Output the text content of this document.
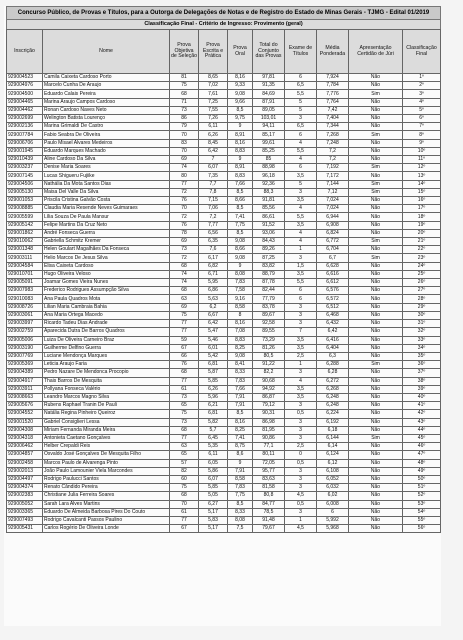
Concurso Público, de Provas e Títulos, para a Outorga de Delegações de Notas e de Registro do Estado de Minas Gerais - TJMG - Edital 01/2019
Classificação Final - Critério de Ingresso: Provimento (geral)
Inscrição	Nome	Prova Objetiva de Seleção	Prova Escrita e Prática	Prova Oral	Total do Conjunto das Provas	Exame de Títulos	Média Ponderada	Apresentação Certidão de Júri	Classificação Final
929004523	Camila Caixeta Cardoso Porto	81	8,65	8,16	97,81	6	7,924	Não	1º
929004976	Marcelo Cunha De Araujo	75	7,02	9,33	91,35	6,5	7,784	Não	2º
929004500	Eduardo Calais Pereira	68	7,61	9,08	84,69	5,5	7,776	Sim	3º
929004465	Marina Araujo Campos Cardoso	71	7,25	9,66	87,91	5	7,764	Não	4º
929004462	Ronan Cardoso Naves Neto	73	7,55	8,5	89,05	5	7,42	Não	5º
929002699	Welington Batista Lourenço	86	7,26	9,75	103,01	3	7,404	Não	6º
929002136	Marina Grimaldi De Castro	79	6,11	9	94,11	6,5	7,344	Não	7º
929007784	Fabio Seabra De Oliveira	70	6,26	8,91	85,17	6	7,268	Sim	8º
929006706	Paulo Misael Alvares Medeiros	83	8,45	8,16	99,61	4	7,248	Não	9º
929001945	Eduardo Marques Machado	70	6,42	8,83	85,25	5,5	7,2	Não	10º
929010439	Aline Cardoso Da Silva	69	7	9	85	4	7,2	Não	11º
929003237	Denise Maria Soares	74	6,07	8,91	88,98	6	7,192	Sim	12º
929007145	Lucas Shigueru Fujiike	80	7,35	8,83	96,18	3,5	7,172	Não	13º
929004506	Nathália Da Mota Santos Dias	77	7,7	7,66	92,36	5	7,144	Sim	14º
929005130	Maisa Del Valle Da Silva	72	7,8	8,5	88,3	3	7,12	Sim	15º
929001053	Priscila Cristina Galvão Costa	76	7,15	8,66	91,81	3,5	7,024	Não	16º
929008885	Claudia Maria Resende Neves Guimaraes	70	7,06	8,5	85,56	4	7,024	Não	17º
929005599	Lília Souza De Paula Mansur	72	7,2	7,41	86,61	5,5	6,944	Não	18º
929005142	Felipe Martins Da Cruz Neto	76	7,77	7,75	91,52	3,5	6,908	Não	19º
929001862	André Fonseca Guerra	78	6,56	8,5	93,06	4	6,824	Não	20º
929010062	Gabriella Schmitz Kremer	69	6,35	9,08	84,43	4	6,772	Sim	21º
929001348	Helen Goulart Magalhães Da Fonseca	73	7,6	8,66	89,26	1	6,704	Não	22º
929003111	Helio Marcos De Jesus Silva	72	6,17	9,08	87,25	3	6,7	Sim	23º
929004584	Elisa Caixeta Cardoso	68	6,82	9	83,82	1,5	6,628	Não	24º
929010701	Hugo Oliveira Veloso	74	6,71	8,08	88,79	3,5	6,616	Não	25º
929005091	Joamar Gomes Vieira Nunes	74	5,95	7,83	87,78	5,5	6,612	Não	26º
929007983	Frederico Rodrigues Assumpção Silva	68	6,86	7,58	82,44	6	6,576	Não	27º
929010083	Ana Paula Quadros Mota	63	5,63	9,16	77,79	6	6,572	Não	28º
929008726	Lilian Maria Cambraia Bahia	69	6,2	8,58	83,78	3	6,512	Não	29º
929003061	Ana Maria Ortega Macedo	75	6,67	8	89,67	3	6,468	Não	30º
929003997	Ricardo Tadeu Dias Andrade	77	6,42	8,16	92,58	3	6,432	Não	31º
929002759	Aparecida Dutra De Barros Quadros	77	5,47	7,08	89,55	7	6,42	Não	32º
929005006	Luiza De Oliveira Carneiro Braz	59	5,46	8,83	73,29	3,5	6,416	Não	33º
929003190	Guilherme Delfino Guerra	67	6,01	8,25	81,26	3,5	6,404	Não	34º
929007769	Luciane Mendonça Marques	66	5,42	9,08	80,5	2,5	6,3	Não	35º
929005369	Leticia Araujo Faria	76	6,81	8,41	91,22	1	6,288	Sim	36º
929004389	Pedro Nazare De Mendonca Procopio	68	5,87	8,33	82,2	3	6,28	Não	37º
929004917	Thais Barros De Mesquita	77	5,85	7,83	90,68	4	6,272	Não	38º
929003911	Pollyana Fonseca Valério	61	6,26	7,66	94,92	3,5	6,268	Não	39º
929008663	Leandro Marcos Magno Silva	73	5,96	7,91	86,87	3,5	6,248	Não	40º
929005676	Rubens Raphael Tranin De Pauli	65	6,21	7,91	79,12	3	6,248	Não	41º
929004552	Natália Regina Pinheiro Queiroz	75	6,81	8,5	90,31	0,5	6,224	Não	42º
929001520	Gabriel Consiglieri Lessa	73	5,82	8,16	86,98	3	6,192	Não	43º
929004308	Miriam Fernanda Miranda Meira	68	5,7	8,25	81,95	3	6,18	Não	44º
929004318	Antonieta Caetano Gonçalves	77	6,45	7,41	90,86	3	6,144	Sim	45º
929006462	Helber Crepaldi Reis	63	5,35	8,75	77,1	2,5	6,14	Não	46º
929004857	Osvaldo José Gonçalves De Mesquita Filho	65	6,11	8,6	80,11	0	6,124	Não	47º
929002458	Marcos Paulo de Alvarenga Pinto	57	6,05	9	72,05	0,5	6,12	Não	48º
929002013	João Paulo Lamounier Viela Marcondes	82	5,86	7,91	95,77	3	6,108	Não	49º
929004497	Rodrigo Paulucci Santos	60	6,07	8,58	83,63	3	6,052	Não	50º
929004374	Renato Cândido Pereira	75	5,85	7,83	81,58	3	6,032	Não	51º
929002383	Christiane Julia Ferreira Soares	68	5,05	7,75	80,8	4,5	6,02	Não	52º
929005052	Sarah Lara Alves Martins	70	6,27	8,5	84,77	0,5	6,008	Não	53º
929003365	Eduardo De Almeida Barbosa Pires Do Couto	61	5,17	8,33	78,5	3	6	Não	54º
929007493	Rodrigo Cavalcanti Passos Paulino	77	5,83	8,08	91,48	1	5,992	Não	55º
929005431	Carlos Rogério De Oliveira Londe	67	5,17	7,5	79,67	4,5	5,968	Não	56º
